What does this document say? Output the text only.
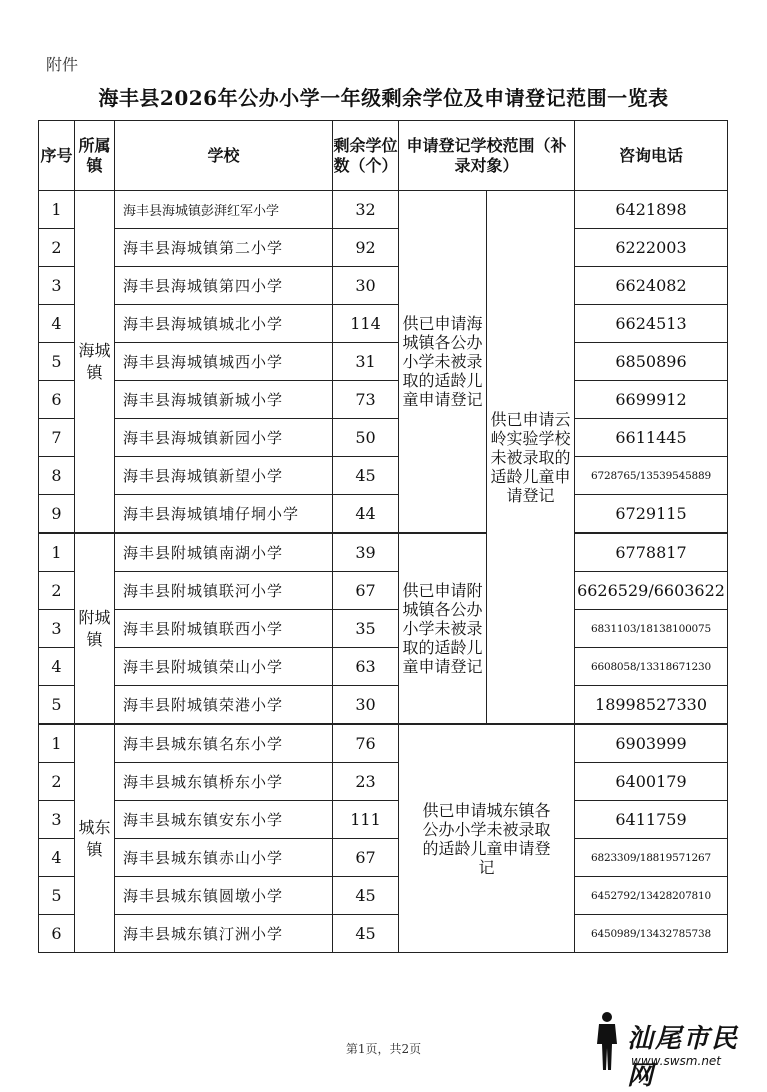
附件
海丰县2026年公办小学一年级剩余学位及申请登记范围一览表
序号	所属镇	学校	剩余学位数（个）	申请登记学校范围（补录对象）		咨询电话
1	海城镇	海丰县海城镇彭湃红军小学	32	供已申请海城镇各公办小学未被录取的适龄儿童申请登记	供已申请云岭实验学校未被录取的适龄儿童申请登记	6421898
2		海丰县海城镇第二小学	92			6222003
3		海丰县海城镇第四小学	30			6624082
4		海丰县海城镇城北小学	114			6624513
5		海丰县海城镇城西小学	31			6850896
6		海丰县海城镇新城小学	73			6699912
7		海丰县海城镇新园小学	50			6611445
8		海丰县海城镇新望小学	45			6728765/13539545889
9		海丰县海城镇埔仔垌小学	44			6729115
1	附城镇	海丰县附城镇南湖小学	39	供已申请附城镇各公办小学未被录取的适龄儿童申请登记		6778817
2		海丰县附城镇联河小学	67			6626529/6603622
3		海丰县附城镇联西小学	35			6831103/18138100075
4		海丰县附城镇荣山小学	63			6608058/13318671230
5		海丰县附城镇荣港小学	30			18998527330
1	城东镇	海丰县城东镇名东小学	76	供已申请城东镇各公办小学未被录取的适龄儿童申请登记		6903999
2		海丰县城东镇桥东小学	23			6400179
3		海丰县城东镇安东小学	111			6411759
4		海丰县城东镇赤山小学	67			6823309/18819571267
5		海丰县城东镇圆墩小学	45			6452792/13428207810
6		海丰县城东镇汀洲小学	45			6450989/13432785738
第1页，共2页	汕尾市民网
www.swsm.net
